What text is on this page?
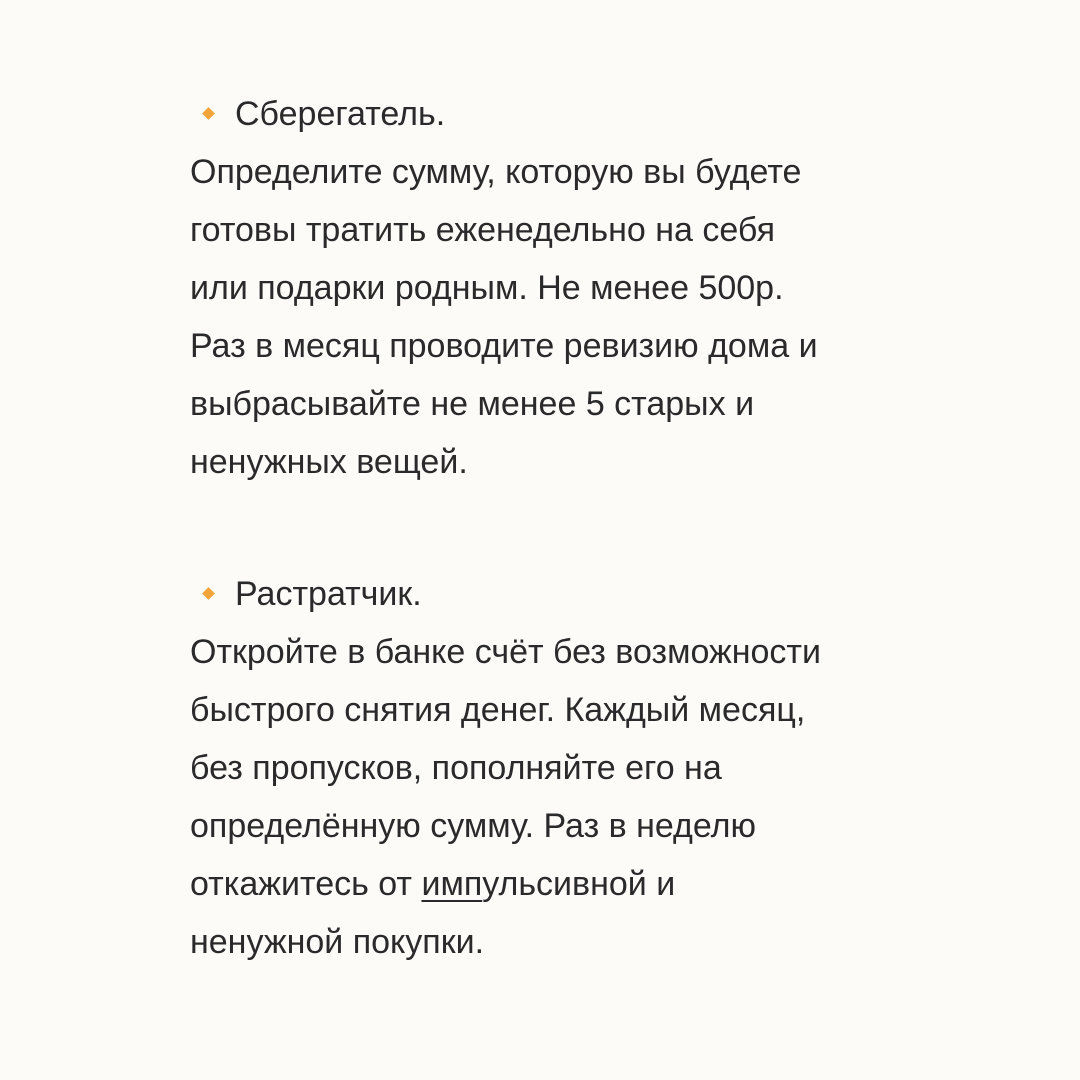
Сберегатель.
Определите сумму, которую вы будете
готовы тратить еженедельно на себя
или подарки родным. Не менее 500р.
Раз в месяц проводите ревизию дома и
выбрасывайте не менее 5 старых и
ненужных вещей.
Растратчик.
Откройте в банке счёт без возможности
быстрого снятия денег. Каждый месяц,
без пропусков, пополняйте его на
определённую сумму. Раз в неделю
откажитесь от импульсивной и
ненужной покупки.
